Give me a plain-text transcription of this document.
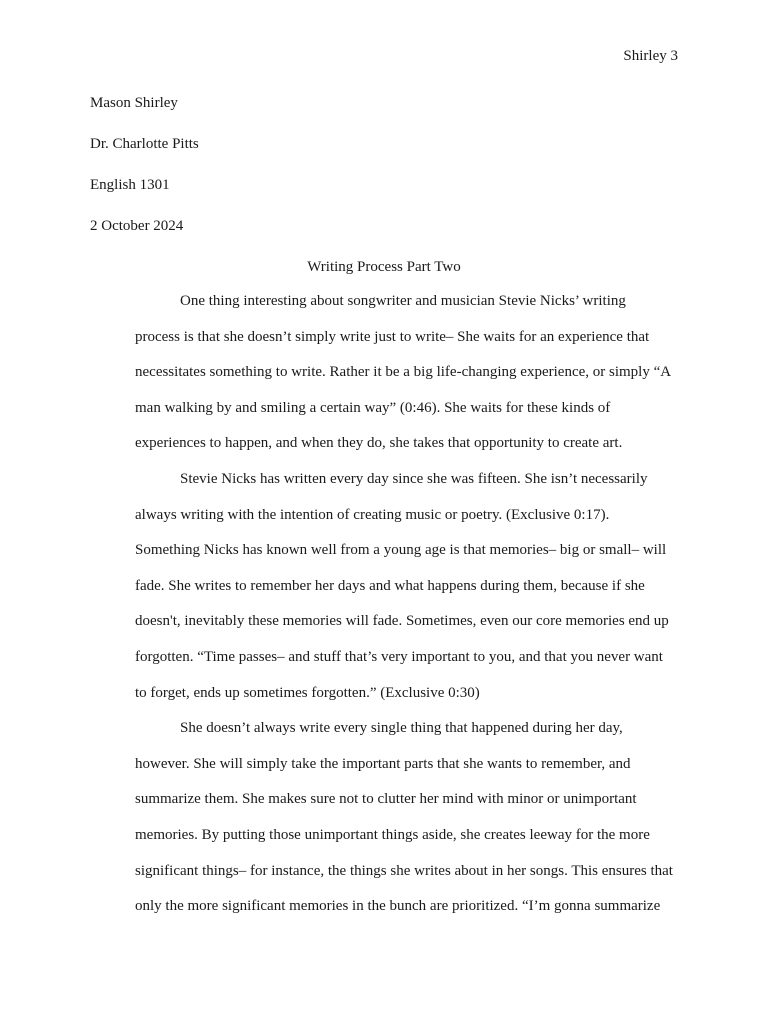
Shirley 3
Mason Shirley
Dr. Charlotte Pitts
English 1301
2 October 2024
Writing Process Part Two
One thing interesting about songwriter and musician Stevie Nicks’ writing
process is that she doesn’t simply write just to write– She waits for an experience that
necessitates something to write. Rather it be a big life-changing experience, or simply “A
man walking by and smiling a certain way” (0:46). She waits for these kinds of
experiences to happen, and when they do, she takes that opportunity to create art.
Stevie Nicks has written every day since she was fifteen. She isn’t necessarily
always writing with the intention of creating music or poetry. (Exclusive 0:17).
Something Nicks has known well from a young age is that memories– big or small– will
fade. She writes to remember her days and what happens during them, because if she
doesn't, inevitably these memories will fade. Sometimes, even our core memories end up
forgotten. “Time passes– and stuff that’s very important to you, and that you never want
to forget, ends up sometimes forgotten.” (Exclusive 0:30)
She doesn’t always write every single thing that happened during her day,
however. She will simply take the important parts that she wants to remember, and
summarize them. She makes sure not to clutter her mind with minor or unimportant
memories. By putting those unimportant things aside, she creates leeway for the more
significant things– for instance, the things she writes about in her songs. This ensures that
only the more significant memories in the bunch are prioritized. “I’m gonna summarize
